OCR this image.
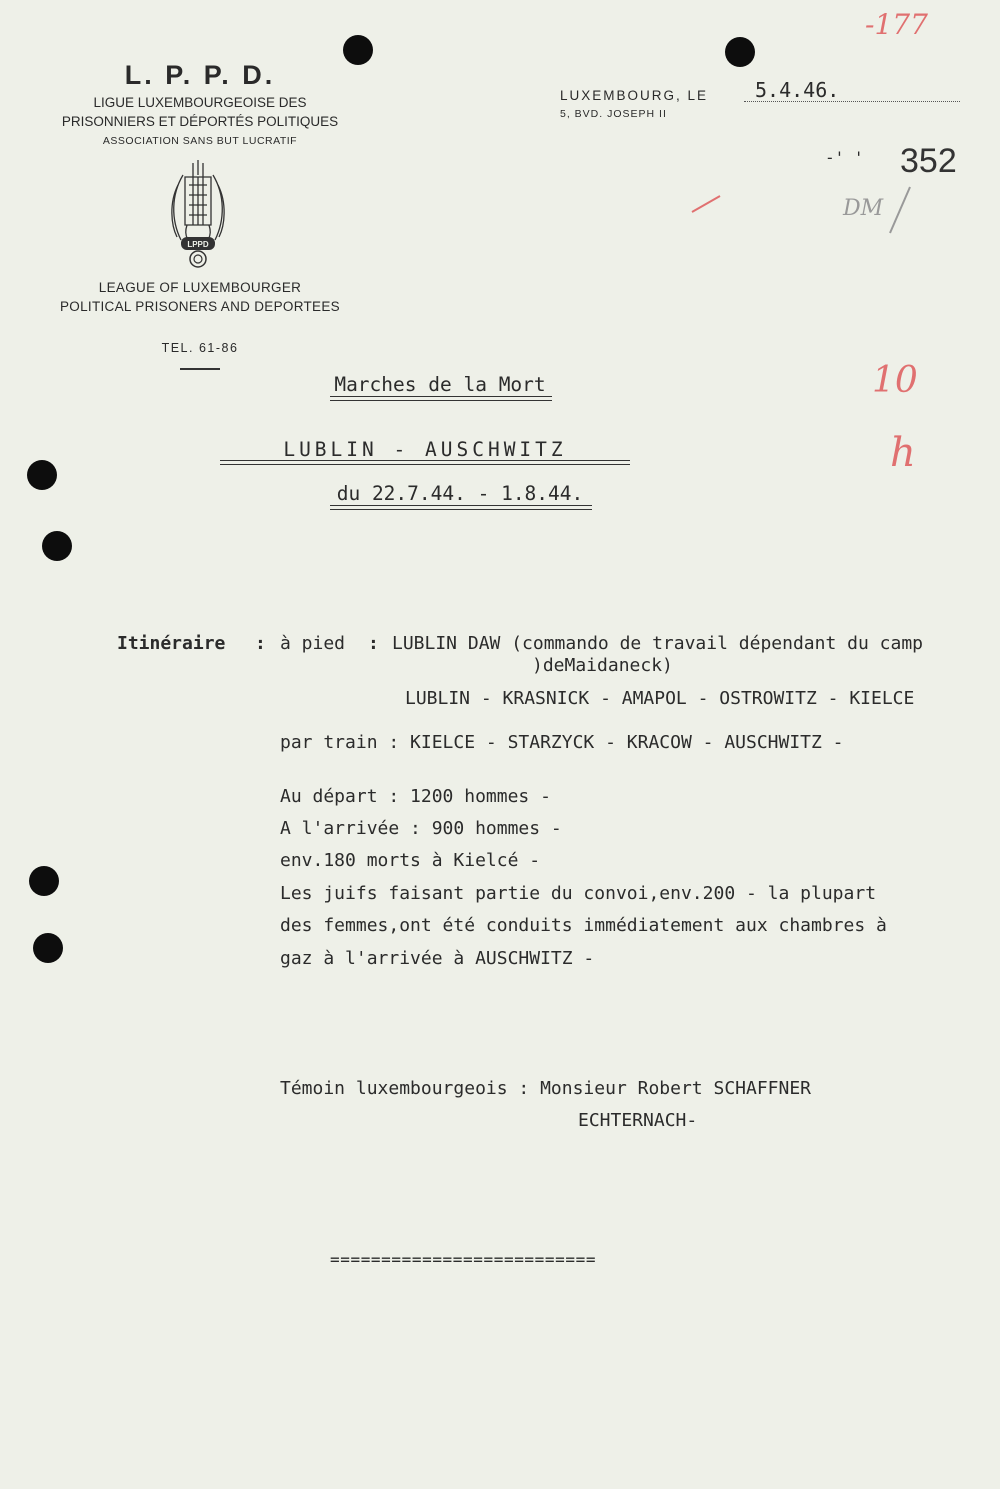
L. P. P. D.
LIGUE LUXEMBOURGEOISE DES
PRISONNIERS ET DÉPORTÉS POLITIQUES
ASSOCIATION SANS BUT LUCRATIF
LPPD
LEAGUE OF LUXEMBOURGER
POLITICAL PRISONERS AND DEPORTEES
TEL. 61-86
LUXEMBOURG, LE 5.4.46.
5, BVD. JOSEPH II
-' ' 352
-177
DM
10
h
Marches de la Mort
LUBLIN - AUSCHWITZ
du 22.7.44. - 1.8.44.
Itinéraire : à pied : LUBLIN DAW (commando de travail dépendant du camp
)deMaidaneck)
LUBLIN - KRASNICK - AMAPOL - OSTROWITZ - KIELCE
par train : KIELCE - STARZYCK - KRACOW - AUSCHWITZ -
Au départ : 1200 hommes -
A l'arrivée : 900 hommes -
env.180 morts à Kielcé -
Les juifs faisant partie du convoi,env.200 - la plupart
des femmes,ont été conduits immédiatement aux chambres à
gaz à l'arrivée à AUSCHWITZ -
Témoin luxembourgeois : Monsieur Robert SCHAFFNER
ECHTERNACH-
==========================
